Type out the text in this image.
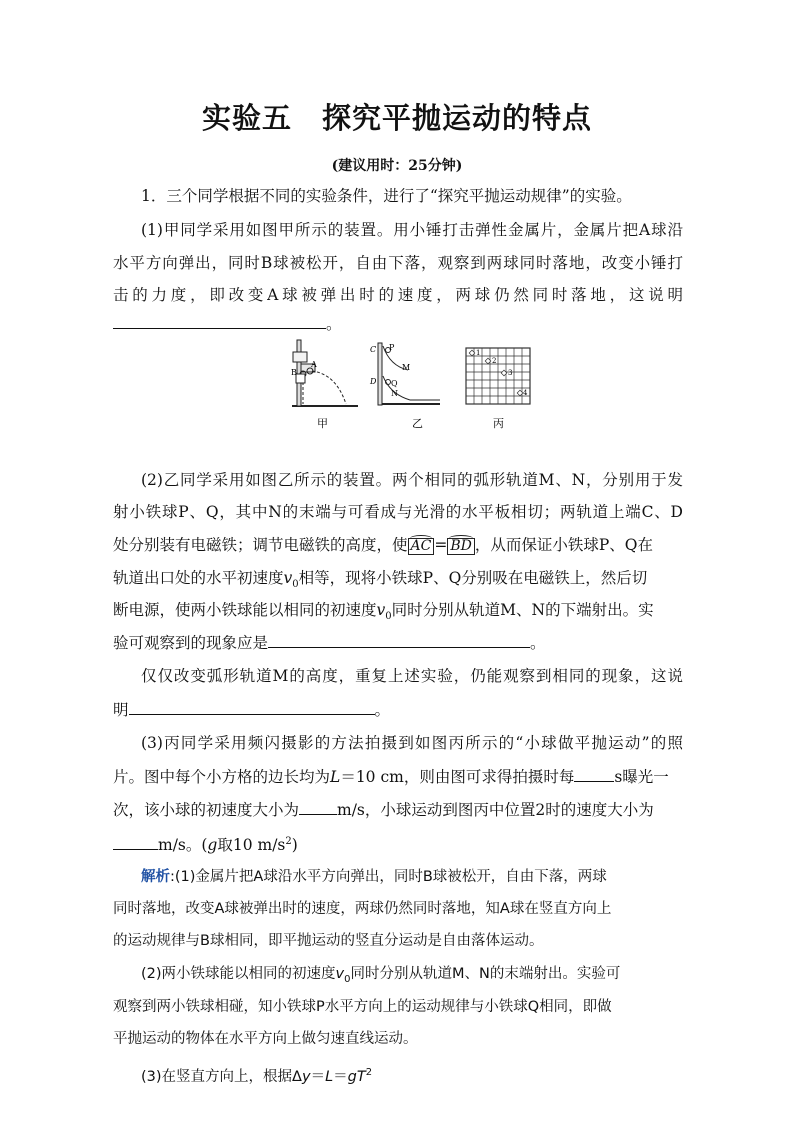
实验五　探究平抛运动的特点
(建议用时：25分钟)
1．三个同学根据不同的实验条件，进行了“探究平抛运动规律”的实验。
(1)甲同学采用如图甲所示的装置。用小锤打击弹性金属片，金属片把A球沿
水平方向弹出，同时B球被松开，自由下落，观察到两球同时落地，改变小锤打
击的力度，即改变A球被弹出时的速度，两球仍然同时落地，这说明
。
A
B
甲
C P
M
D Q
N
乙
1
2
3
4
丙
(2)乙同学采用如图乙所示的装置。两个相同的弧形轨道M、N，分别用于发
射小铁球P、Q，其中N的末端与可看成与光滑的水平板相切；两轨道上端C、D
处分别装有电磁铁；调节电磁铁的高度，使 AC = BD ，从而保证小铁球P、Q在
轨道出口处的水平初速度$v_0$相等，现将小铁球P、Q分别吸在电磁铁上，然后切
断电源，使两小铁球能以相同的初速度$v_0$同时分别从轨道M、N的下端射出。实
验可观察到的现象应是	。
仅仅改变弧形轨道M的高度，重复上述实验，仍能观察到相同的现象，这说
明	。
(3)丙同学采用频闪摄影的方法拍摄到如图丙所示的“小球做平抛运动”的照
片。图中每个小方格的边长均为L＝10 cm，则由图可求得拍摄时每	s曝光一
次，该小球的初速度大小为 m/s，小球运动到图丙中位置2时的速度大小为
m/s。(g取10 $m/s^2$)
解析:(1)金属片把A球沿水平方向弹出，同时B球被松开，自由下落，两球
同时落地，改变A球被弹出时的速度，两球仍然同时落地，知A球在竖直方向上
的运动规律与B球相同，即平抛运动的竖直分运动是自由落体运动。
(2)两小铁球能以相同的初速度$v_0$同时分别从轨道M、N的末端射出。实验可
观察到两小铁球相碰，知小铁球P水平方向上的运动规律与小铁球Q相同，即做
平抛运动的物体在水平方向上做匀速直线运动。
(3)在竖直方向上，根据$\Delta y=L=gT^2$
